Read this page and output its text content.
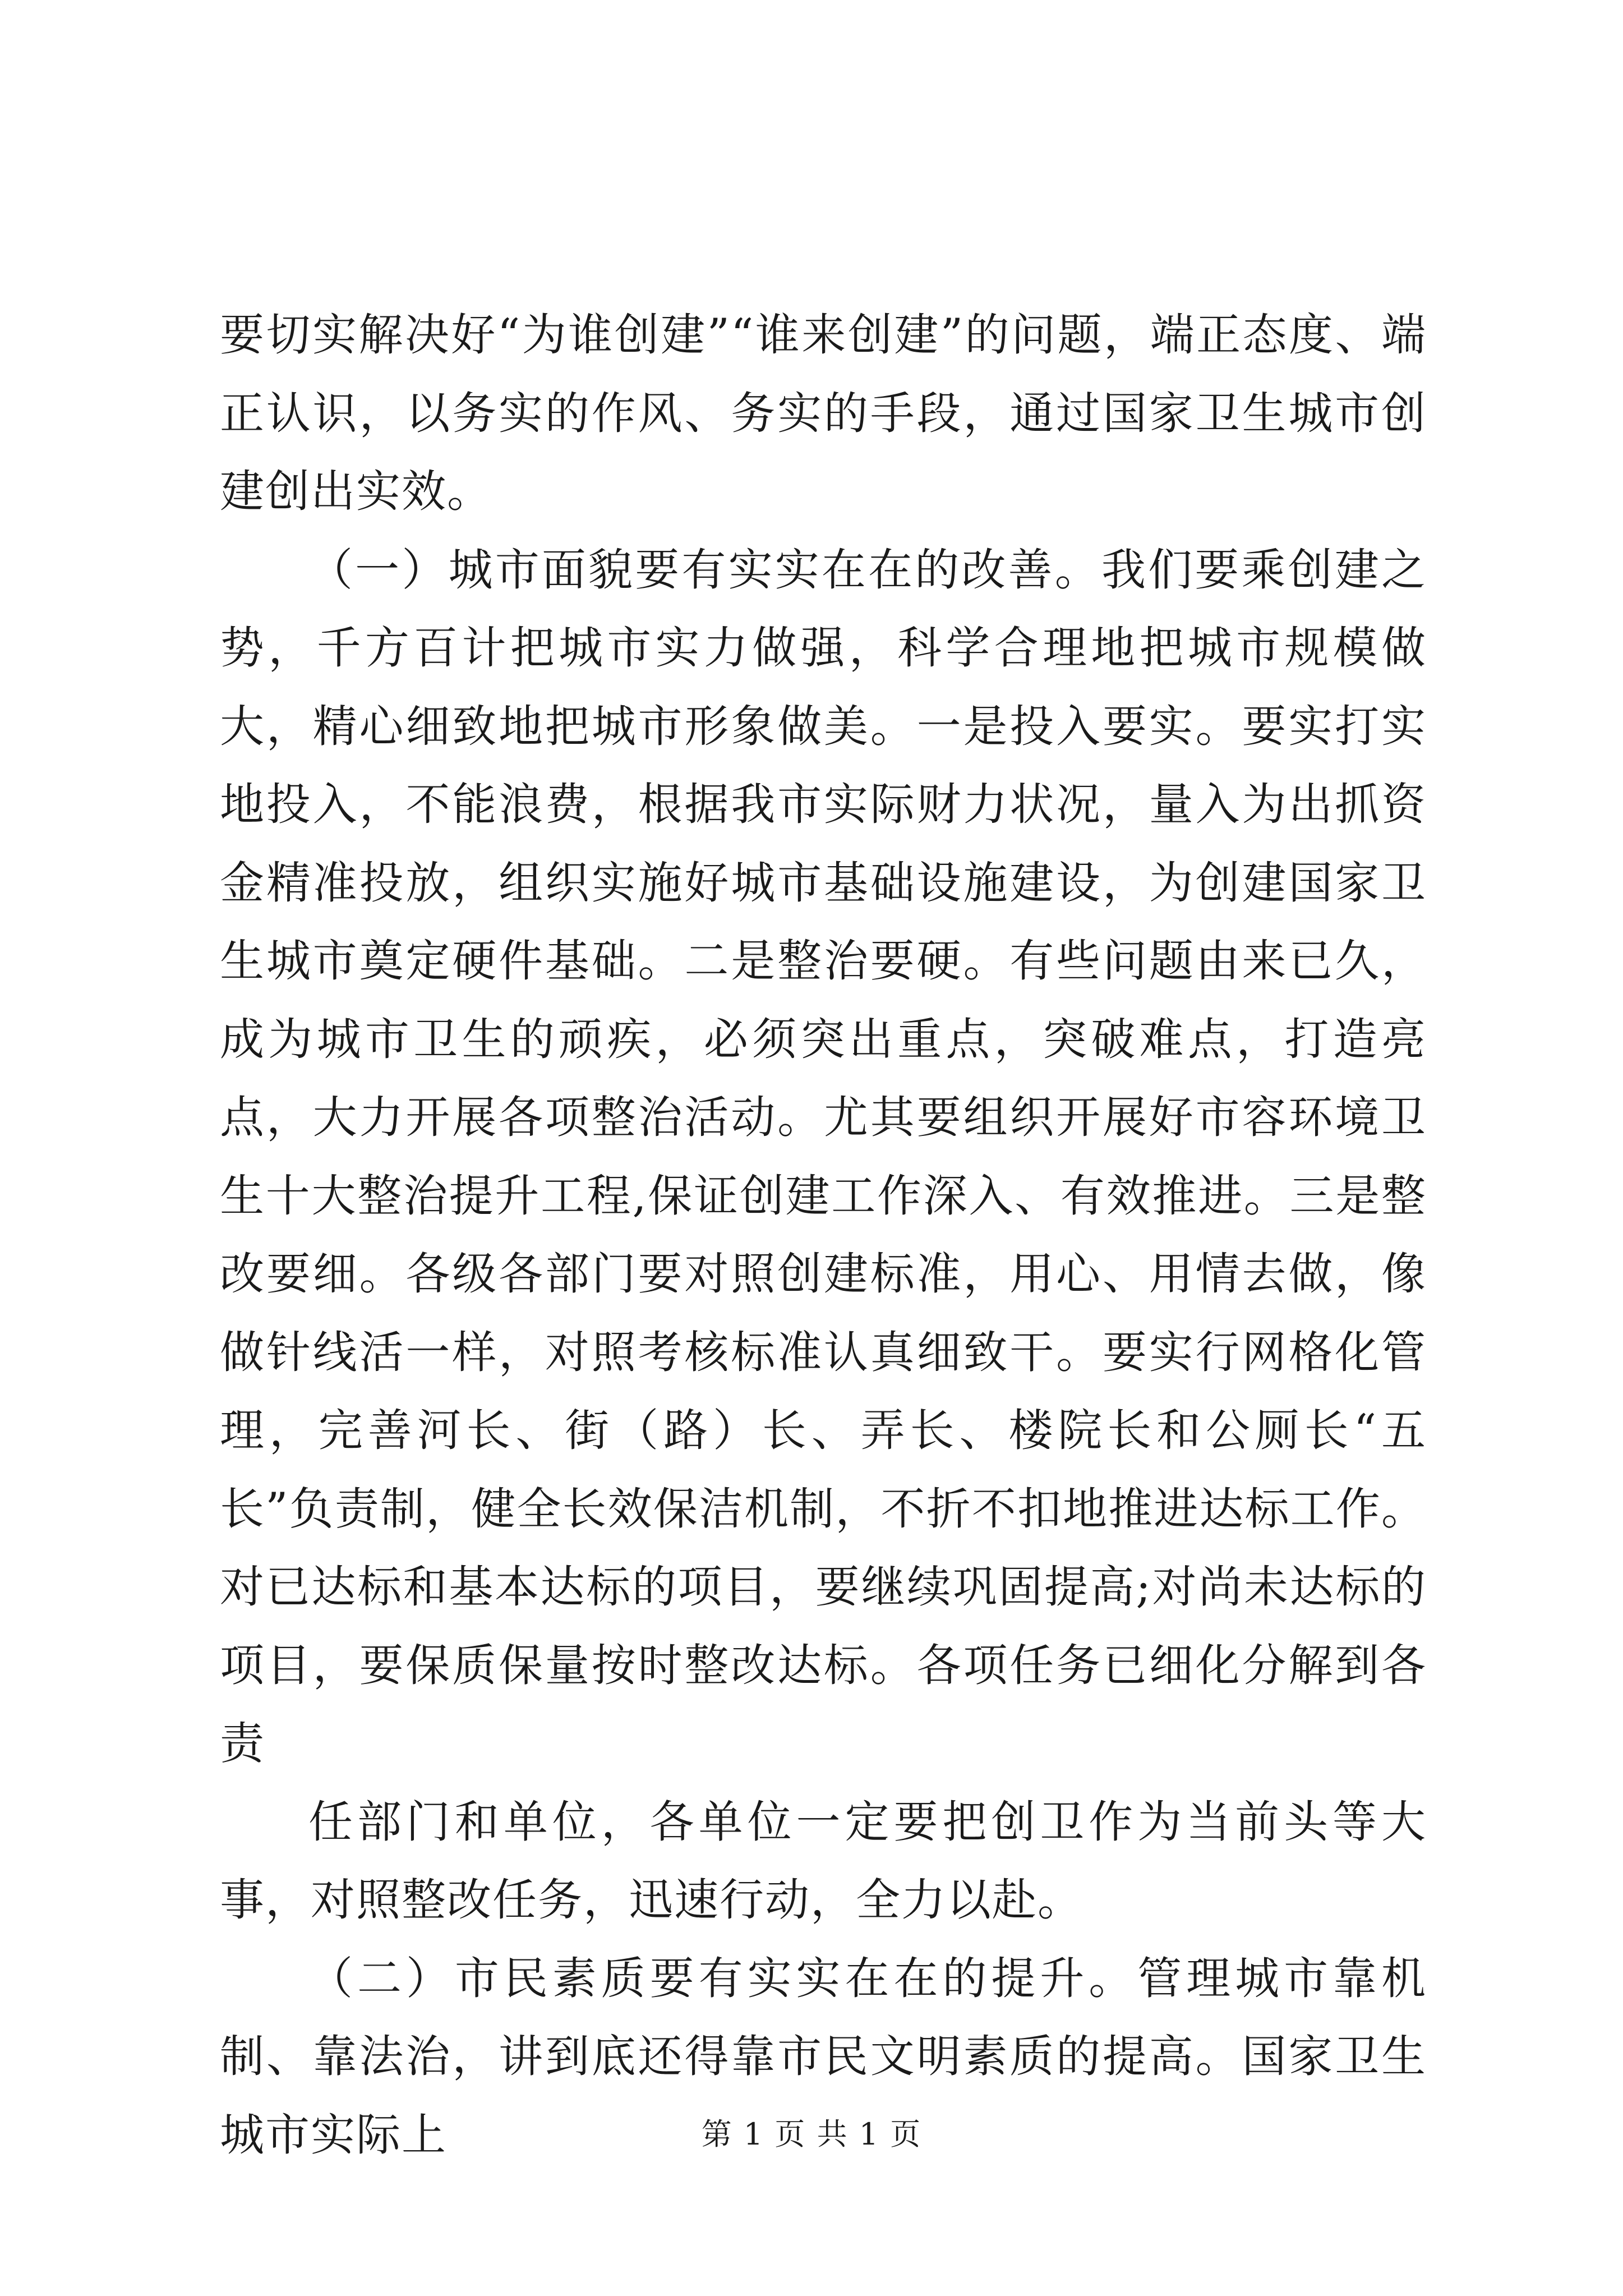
要切实解决好“为谁创建”“谁来创建”的问题，端正态度、端正认识，以务实的作风、务实的手段，通过国家卫生城市创建创出实效。

（一）城市面貌要有实实在在的改善。我们要乘创建之势，千方百计把城市实力做强，科学合理地把城市规模做大，精心细致地把城市形象做美。一是投入要实。要实打实地投入，不能浪费，根据我市实际财力状况，量入为出抓资金精准投放，组织实施好城市基础设施建设，为创建国家卫生城市奠定硬件基础。二是整治要硬。有些问题由来已久，成为城市卫生的顽疾，必须突出重点，突破难点，打造亮点，大力开展各项整治活动。尤其要组织开展好市容环境卫生十大整治提升工程,保证创建工作深入、有效推进。三是整改要细。各级各部门要对照创建标准，用心、用情去做，像做针线活一样，对照考核标准认真细致干。要实行网格化管理，完善河长、街（路）长、弄长、楼院长和公厕长“五长”负责制，健全长效保洁机制，不折不扣地推进达标工作。对已达标和基本达标的项目，要继续巩固提高;对尚未达标的项目，要保质保量按时整改达标。各项任务已细化分解到各责

任部门和单位，各单位一定要把创卫作为当前头等大事，对照整改任务，迅速行动，全力以赴。

（二）市民素质要有实实在在的提升。管理城市靠机制、靠法治，讲到底还得靠市民文明素质的提高。国家卫生城市实际上	第 1 页 共 1 页
